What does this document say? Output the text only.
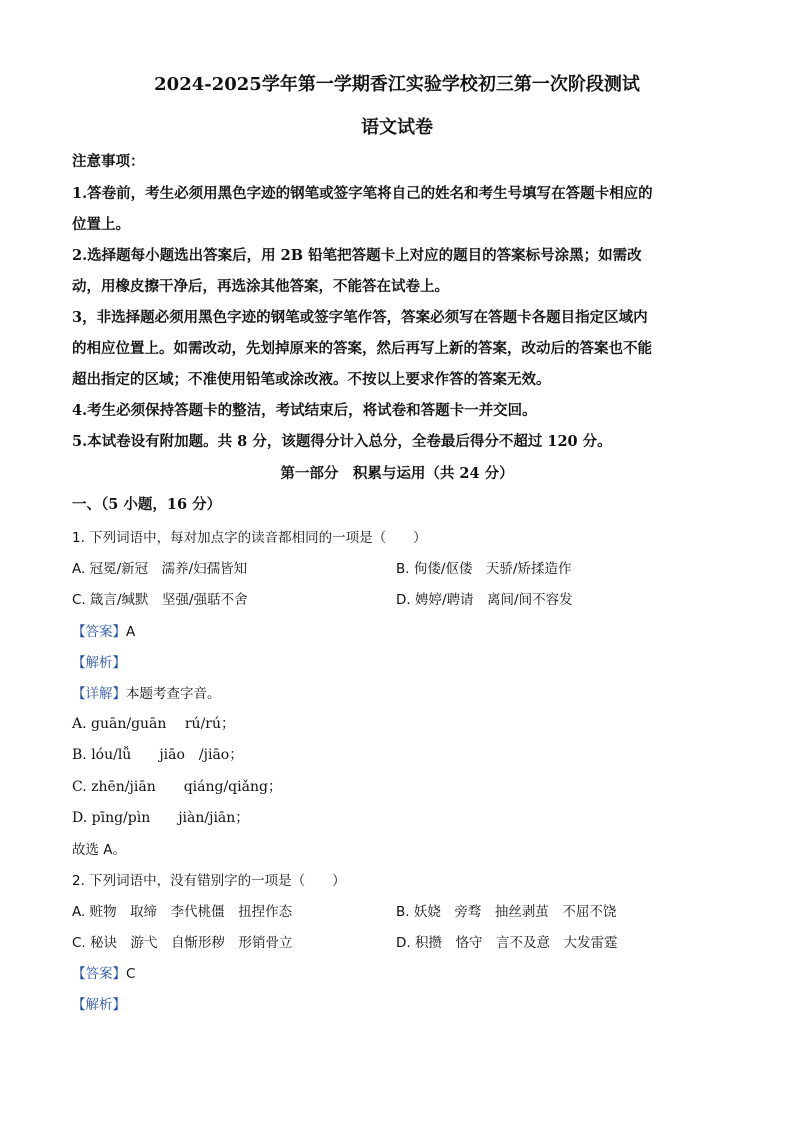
2024-2025学年第一学期香江实验学校初三第一次阶段测试
语文试卷
注意事项：
1.答卷前，考生必须用黑色字迹的钢笔或签字笔将自己的姓名和考生号填写在答题卡相应的
位置上。
2.选择题每小题选出答案后，用 2B 铅笔把答题卡上对应的题目的答案标号涂黑；如需改
动，用橡皮擦干净后，再选涂其他答案，不能答在试卷上。
3，非选择题必须用黑色字迹的钢笔或签字笔作答，答案必须写在答题卡各题目指定区域内
的相应位置上。如需改动，先划掉原来的答案，然后再写上新的答案，改动后的答案也不能
超出指定的区域；不准使用铅笔或涂改液。不按以上要求作答的答案无效。
4.考生必须保持答题卡的整洁，考试结束后，将试卷和答题卡一并交回。
5.本试卷设有附加题。共 8 分，该题得分计入总分，全卷最后得分不超过 120 分。
第一部分　积累与运用（共 24 分）
一、（5 小题，16 分）
1. 下列词语中，每对加点字的读音都相同的一项是（　　）
A. 冠冕/新冠　濡养/妇孺皆知	B. 佝偻/伛偻　天骄/矫揉造作
C. 箴言/缄默　坚强/强聒不舍	D. 娉婷/聘请　离间/间不容发
【答案】A
【解析】
【详解】本题考查字音。
A. guān/guān　 rú/rú；
B. lóu/lǚ　　jiāo　/jiāo；
C. zhēn/jiān　　qiáng/qiǎng；
D. pīng/pìn　　jiàn/jiān；
故选 A。
2. 下列词语中，没有错别字的一项是（　　）
A. 赃物　取缔　李代桃僵　扭捏作态	B. 妖娆　旁骛　抽丝剥茧　不屈不饶
C. 秘诀　游弋　自惭形秽　形销骨立	D. 积攒　恪守　言不及意　大发雷霆
【答案】C
【解析】
